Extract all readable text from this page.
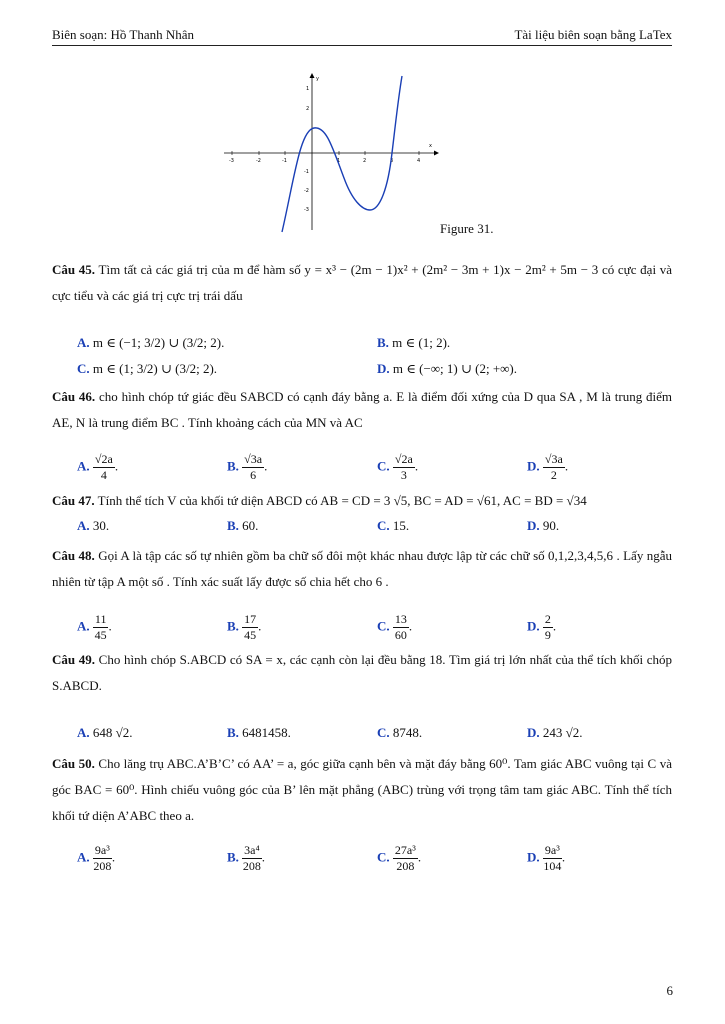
Biên soạn: Hồ Thanh Nhân	Tài liệu biên soạn bằng LaTex
-3	-2	-1	1	2	3	4
1
2
-1
-2
-3
x
y
Figure 31.
Câu 45. Tìm tất cả các giá trị của m để hàm số y = x³ − (2m − 1)x² + (2m² − 3m + 1)x − 2m² + 5m − 3 có cực đại và cực tiểu và các giá trị cực trị trái dấu
A. m ∈ (−1; 3/2) ∪ (3/2; 2).	B. m ∈ (1; 2).
C. m ∈ (1; 3/2) ∪ (3/2; 2).	D. m ∈ (−∞; 1) ∪ (2; +∞).
Câu 46. cho hình chóp tứ giác đều SABCD có cạnh đáy bằng a. E là điểm đối xứng của D qua SA , M là trung điểm AE, N là trung điểm BC . Tính khoảng cách của MN và AC
A. $\frac{√2a}{4}$ .	B. $\frac{√3a}{6}$ .	C. $\frac{√2a}{3}$ .	D. $\frac{√3a}{2}$ .
Câu 47. Tính thể tích V của khối tứ diện ABCD có AB = CD = 3 √5, BC = AD = √61, AC = BD = √34
A. 30.	B. 60.	C. 15.	D. 90.
Câu 48. Gọi A là tập các số tự nhiên gồm ba chữ số đôi một khác nhau được lập từ các chữ số 0,1,2,3,4,5,6 . Lấy ngẫu nhiên từ tập A một số . Tính xác suất lấy được số chia hết cho 6 .
A. $\frac{11}{45}$ .	B. $\frac{17}{45}$ .	C. $\frac{13}{60}$ .	D. $\frac{2}{9}$ .
Câu 49. Cho hình chóp S.ABCD có SA = x, các cạnh còn lại đều bằng 18. Tìm giá trị lớn nhất của thể tích khối chóp S.ABCD.
A. 648 √2.	B. 6481458.	C. 8748.	D. 243 √2.
Câu 50. Cho lăng trụ ABC.A’B’C’ có AA’ = a, góc giữa cạnh bên và mặt đáy bằng 60⁰. Tam giác ABC vuông tại C và góc BAC = 60⁰. Hình chiếu vuông góc của B’ lên mặt phẳng (ABC) trùng với trọng tâm tam giác ABC. Tính thể tích khối tứ diện A’ABC theo a.
A. $\frac{\text{9a³}}{208}$ .	B. $\frac{\text{3a⁴}}{208}$ .	C. $\frac{\text{27a³}}{208}$ .	D. $\frac{\text{9a³}}{104}$ .
6
